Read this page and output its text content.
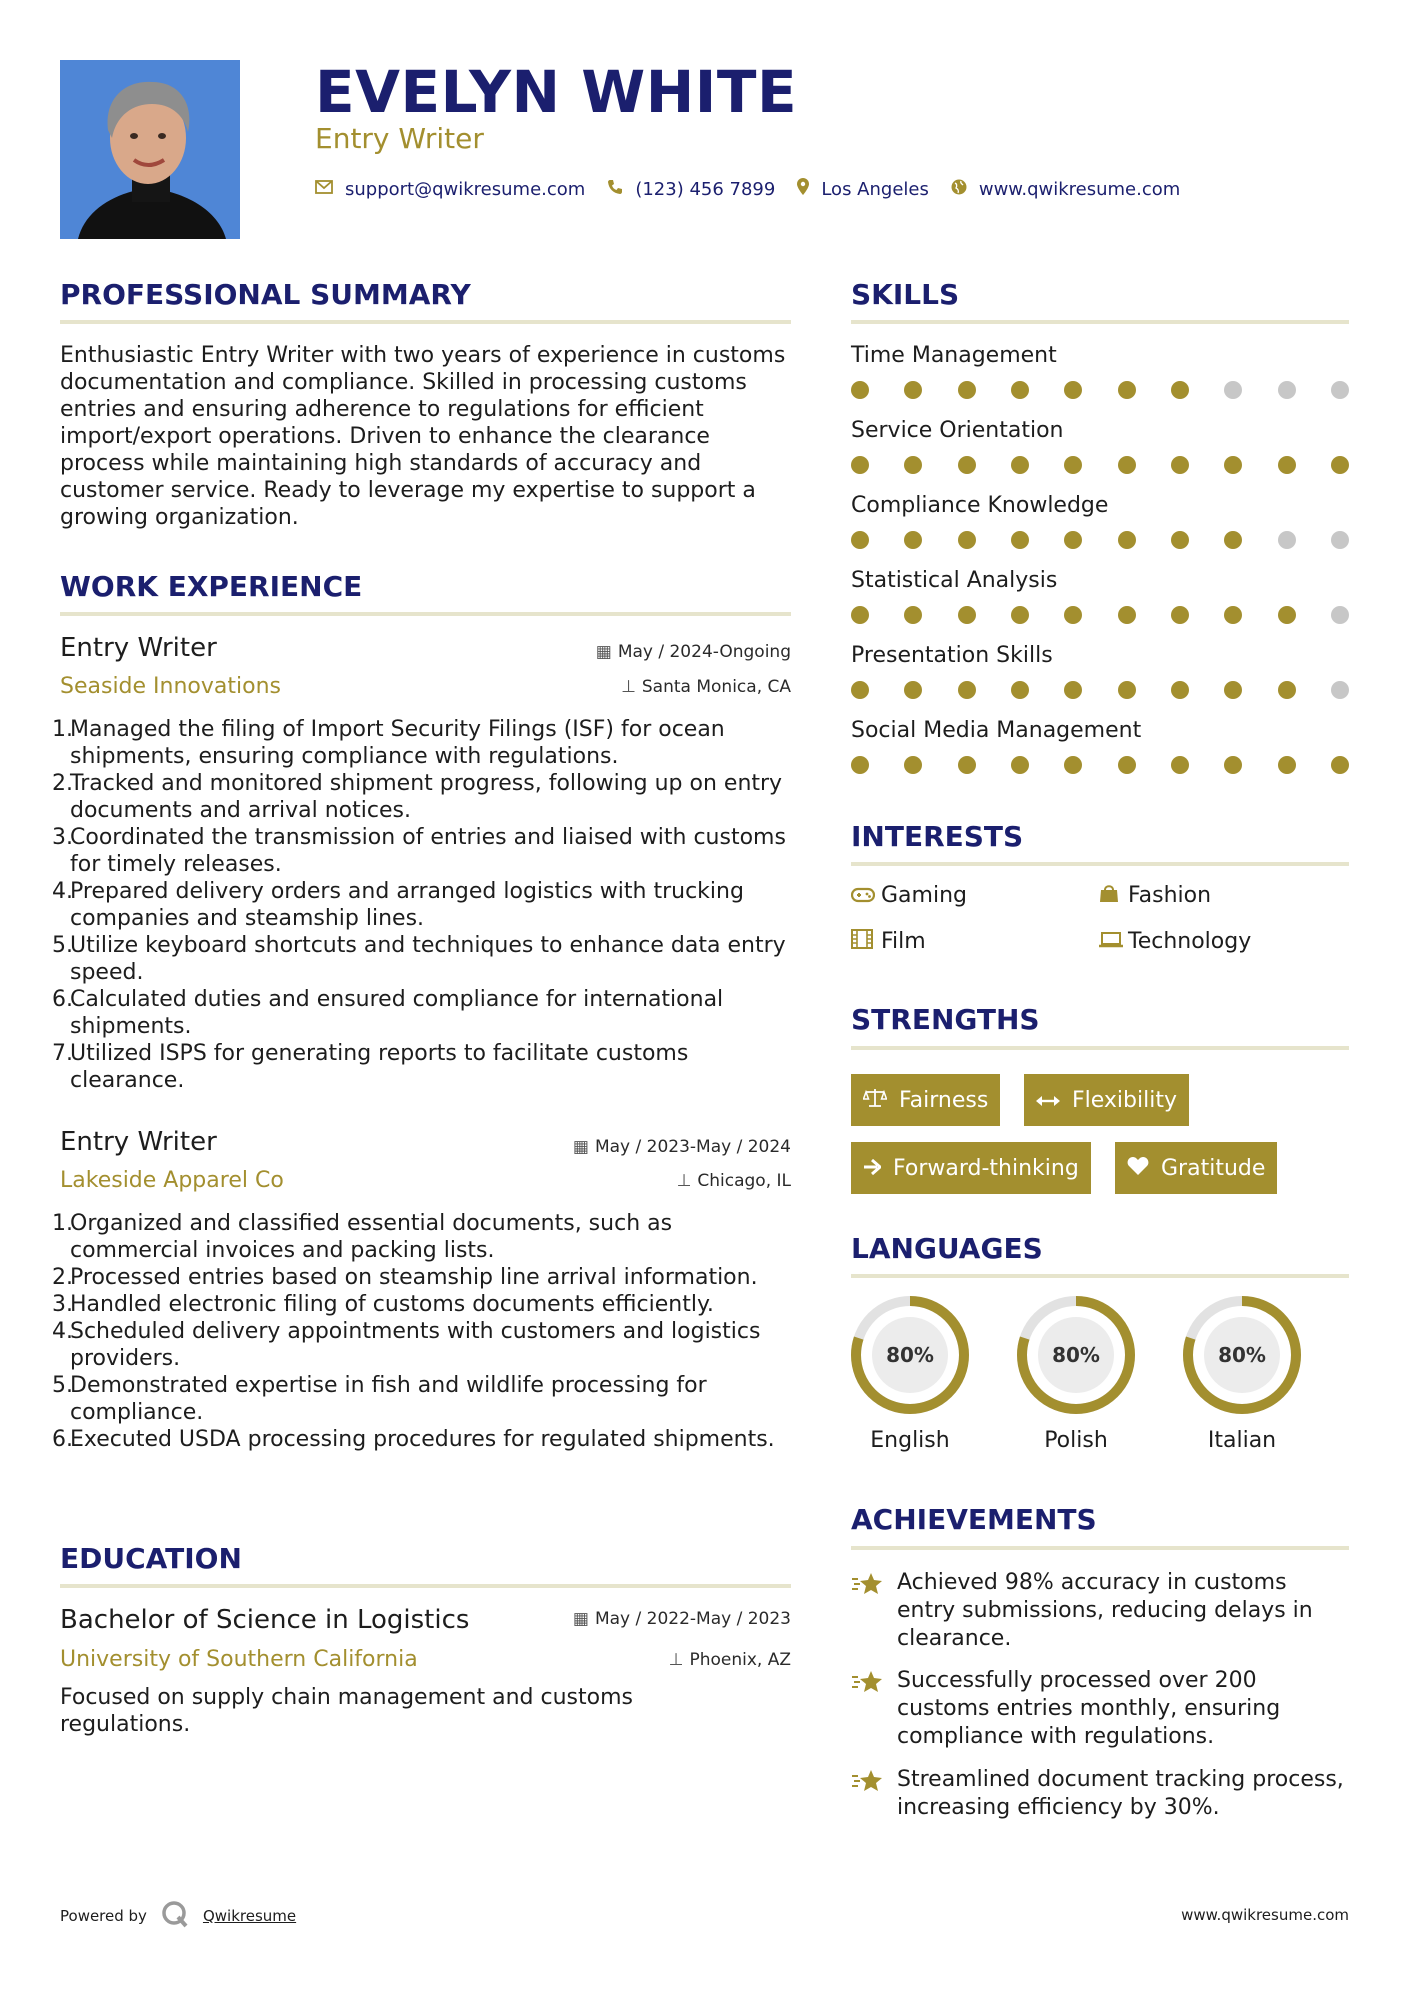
EVELYN WHITE
Entry Writer
support@qwikresume.com	(123) 456 7899	Los Angeles	www.qwikresume.com
PROFESSIONAL SUMMARY
Enthusiastic Entry Writer with two years of experience in customs documentation and compliance. Skilled in processing customs entries and ensuring adherence to regulations for efficient import/export operations. Driven to enhance the clearance process while maintaining high standards of accuracy and customer service. Ready to leverage my expertise to support a growing organization.
WORK EXPERIENCE
Entry Writer	▦ May / 2024-Ongoing
Seaside Innovations	⊥ Santa Monica, CA
1.
Managed the filing of Import Security Filings (ISF) for ocean shipments, ensuring compliance with regulations.
2.
Tracked and monitored shipment progress, following up on entry documents and arrival notices.
3.
Coordinated the transmission of entries and liaised with customs for timely releases.
4.
Prepared delivery orders and arranged logistics with trucking companies and steamship lines.
5.
Utilize keyboard shortcuts and techniques to enhance data entry speed.
6.
Calculated duties and ensured compliance for international shipments.
7.
Utilized ISPS for generating reports to facilitate customs clearance.
Entry Writer	▦ May / 2023-May / 2024
Lakeside Apparel Co	⊥ Chicago, IL
1.
Organized and classified essential documents, such as commercial invoices and packing lists.
2.
Processed entries based on steamship line arrival information.
3.
Handled electronic filing of customs documents efficiently.
4.
Scheduled delivery appointments with customers and logistics providers.
5.
Demonstrated expertise in fish and wildlife processing for compliance.
6.
Executed USDA processing procedures for regulated shipments.
EDUCATION
Bachelor of Science in Logistics	▦ May / 2022-May / 2023
University of Southern California	⊥ Phoenix, AZ
Focused on supply chain management and customs regulations.
SKILLS
Time Management
Service Orientation
Compliance Knowledge
Statistical Analysis
Presentation Skills
Social Media Management
INTERESTS
Gaming	Fashion
Film	Technology
STRENGTHS
Fairness	Flexibility
Forward-thinking	Gratitude
LANGUAGES
80%
English
80%
Polish
80%
Italian
ACHIEVEMENTS
Achieved 98% accuracy in customs entry submissions, reducing delays in clearance.
Successfully processed over 200 customs entries monthly, ensuring compliance with regulations.
Streamlined document tracking process, increasing efficiency by 30%.
Powered by	Qwikresume	www.qwikresume.com
